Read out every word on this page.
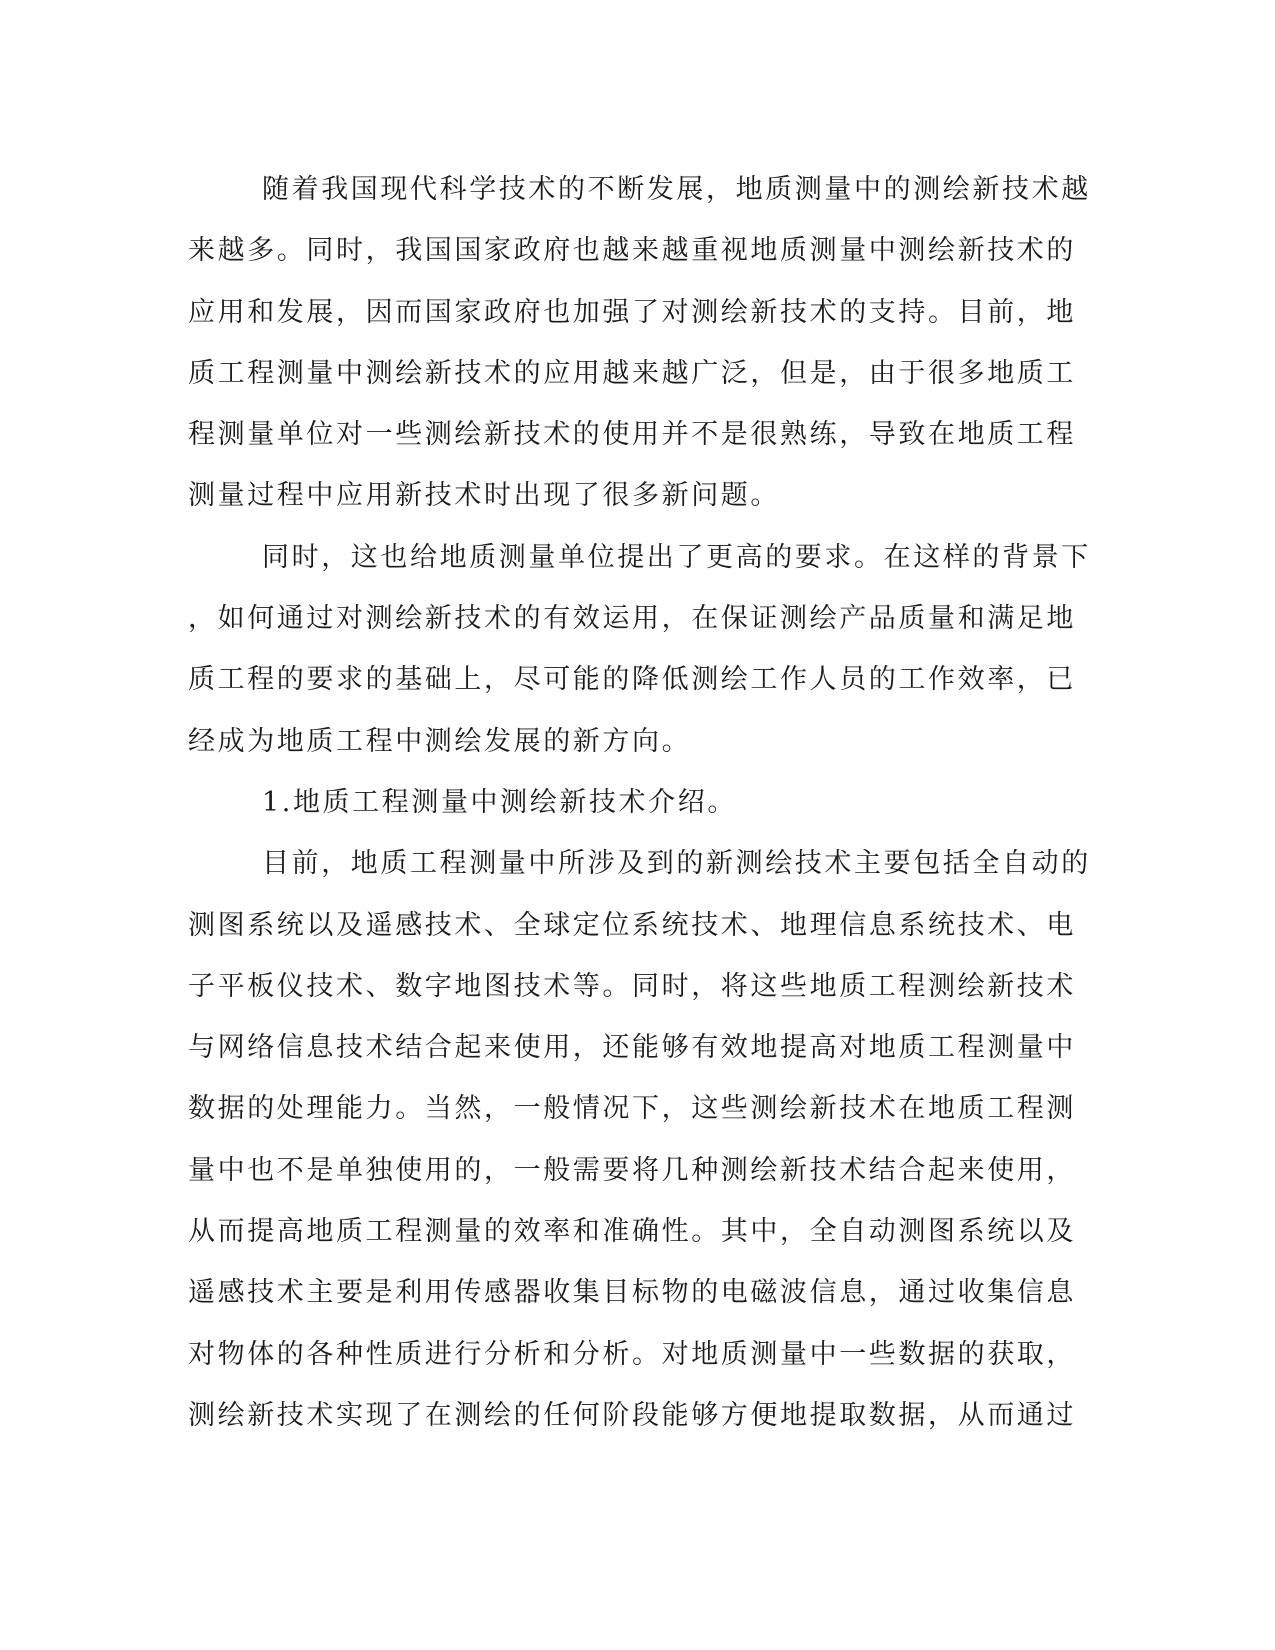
随着我国现代科学技术的不断发展，地质测量中的测绘新技术越
来越多。同时，我国国家政府也越来越重视地质测量中测绘新技术的
应用和发展，因而国家政府也加强了对测绘新技术的支持。目前，地
质工程测量中测绘新技术的应用越来越广泛，但是，由于很多地质工
程测量单位对一些测绘新技术的使用并不是很熟练，导致在地质工程
测量过程中应用新技术时出现了很多新问题。
同时，这也给地质测量单位提出了更高的要求。在这样的背景下
，如何通过对测绘新技术的有效运用，在保证测绘产品质量和满足地
质工程的要求的基础上，尽可能的降低测绘工作人员的工作效率，已
经成为地质工程中测绘发展的新方向。
1.地质工程测量中测绘新技术介绍。
目前，地质工程测量中所涉及到的新测绘技术主要包括全自动的
测图系统以及遥感技术、全球定位系统技术、地理信息系统技术、电
子平板仪技术、数字地图技术等。同时，将这些地质工程测绘新技术
与网络信息技术结合起来使用，还能够有效地提高对地质工程测量中
数据的处理能力。当然，一般情况下，这些测绘新技术在地质工程测
量中也不是单独使用的，一般需要将几种测绘新技术结合起来使用，
从而提高地质工程测量的效率和准确性。其中，全自动测图系统以及
遥感技术主要是利用传感器收集目标物的电磁波信息，通过收集信息
对物体的各种性质进行分析和分析。对地质测量中一些数据的获取，
测绘新技术实现了在测绘的任何阶段能够方便地提取数据，从而通过
